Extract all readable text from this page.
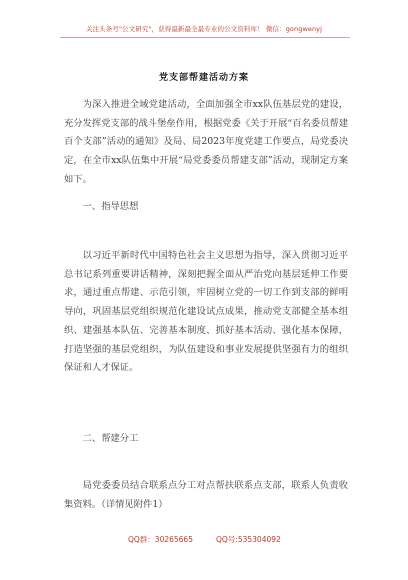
关注头条号"公文研究"，获得最新最全最专业的公文资料库！ 微信：gongwenyj
党支部帮建活动方案

为深入推进全域党建活动，全面加强全市xx队伍基层党的建设，充分发挥党支部的战斗堡垒作用，根据党委《关于开展“百名委员帮建百个支部”活动的通知》及局、局2023年度党建工作要点，局党委决定，在全市xx队伍集中开展“局党委委员帮建支部”活动，现制定方案如下。

一、指导思想

以习近平新时代中国特色社会主义思想为指导，深入贯彻习近平总书记系列重要讲话精神，深刻把握全面从严治党向基层延伸工作要求，通过重点帮建、示范引领，牢固树立党的一切工作到支部的鲜明导向，巩固基层党组织规范化建设试点成果，推动党支部健全基本组织、建强基本队伍、完善基本制度、抓好基本活动、强化基本保障，打造坚强的基层党组织，为队伍建设和事业发展提供坚强有力的组织保证和人才保证。

二、帮建分工

局党委委员结合联系点分工对点帮扶联系点支部，联系人负责收集资料。（详情见附件1）

QQ群：30265665	QQ号:535304092
